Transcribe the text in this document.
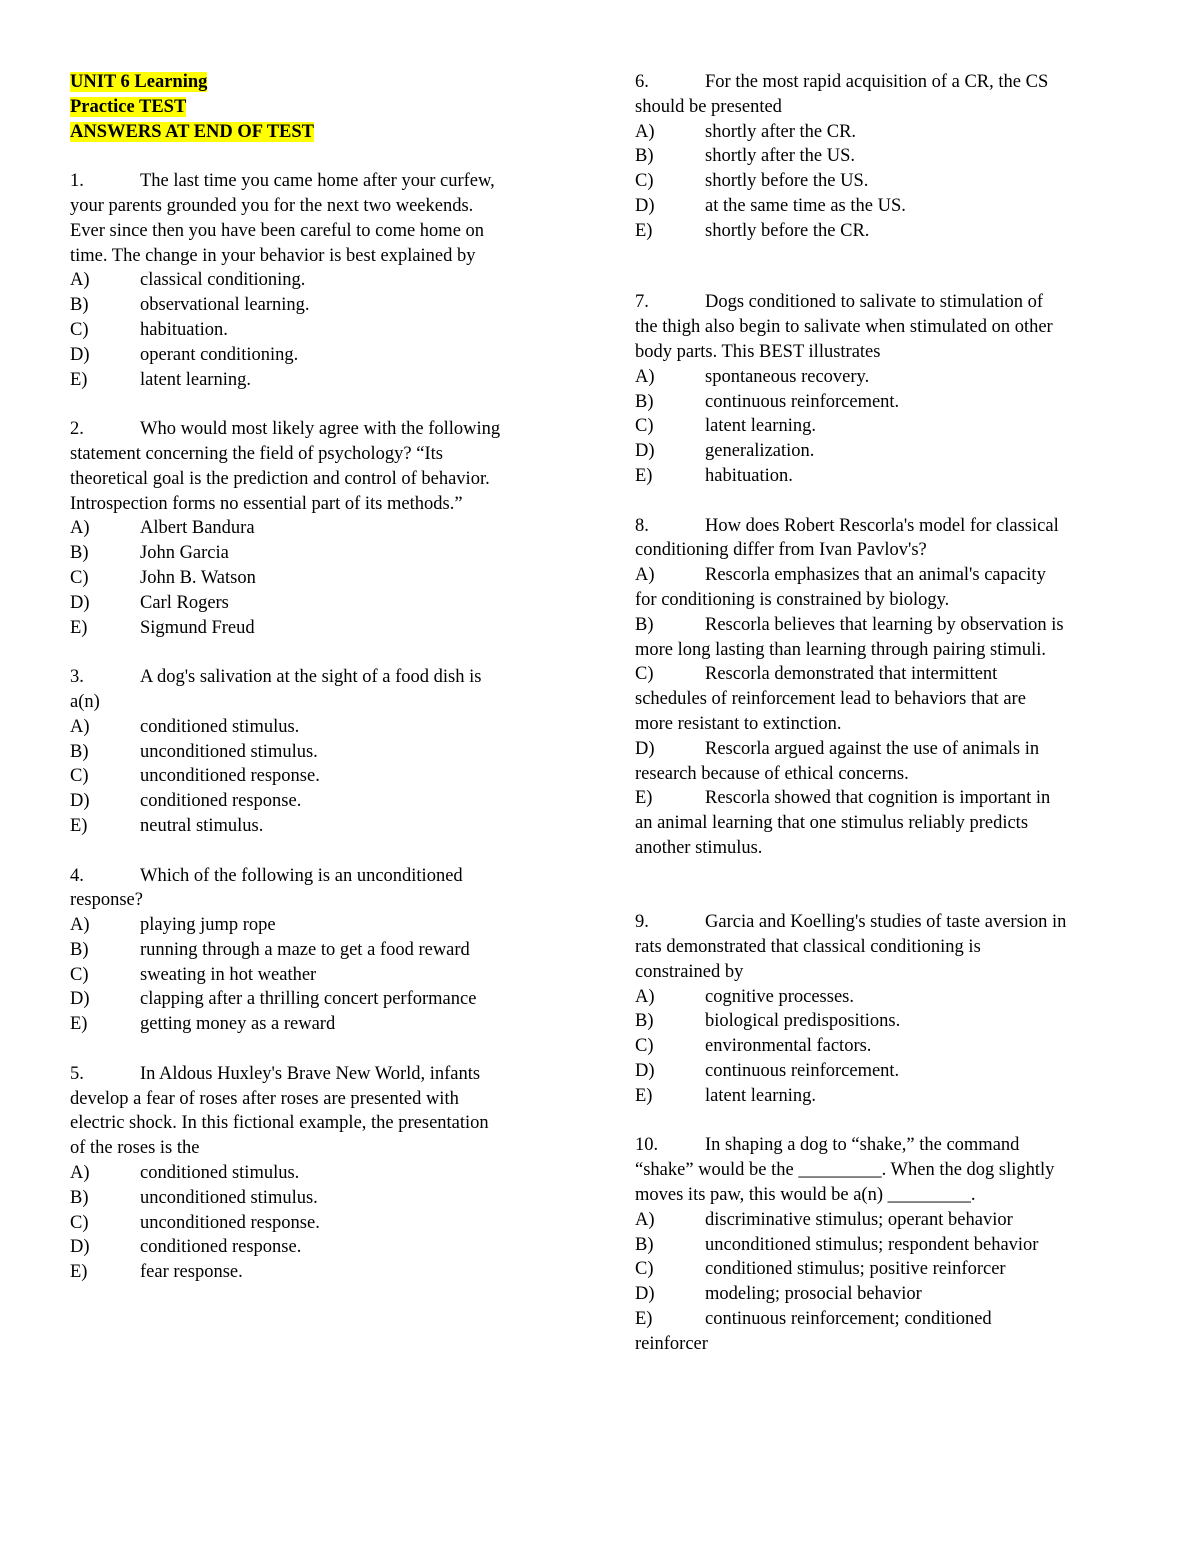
UNIT 6 Learning
Practice TEST
ANSWERS AT END OF TEST
1.	The last time you came home after your curfew,
your parents grounded you for the next two weekends.
Ever since then you have been careful to come home on
time. The change in your behavior is best explained by
A)	classical conditioning.
B)	observational learning.
C)	habituation.
D)	operant conditioning.
E)	latent learning.
2.	Who would most likely agree with the following
statement concerning the field of psychology? “Its
theoretical goal is the prediction and control of behavior.
Introspection forms no essential part of its methods.”
A)	Albert Bandura
B)	John Garcia
C)	John B. Watson
D)	Carl Rogers
E)	Sigmund Freud
3.	A dog's salivation at the sight of a food dish is
a(n)
A)	conditioned stimulus.
B)	unconditioned stimulus.
C)	unconditioned response.
D)	conditioned response.
E)	neutral stimulus.
4.	Which of the following is an unconditioned
response?
A)	playing jump rope
B)	running through a maze to get a food reward
C)	sweating in hot weather
D)	clapping after a thrilling concert performance
E)	getting money as a reward
5.	In Aldous Huxley's Brave New World, infants
develop a fear of roses after roses are presented with
electric shock. In this fictional example, the presentation
of the roses is the
A)	conditioned stimulus.
B)	unconditioned stimulus.
C)	unconditioned response.
D)	conditioned response.
E)	fear response.
6.	For the most rapid acquisition of a CR, the CS
should be presented
A)	shortly after the CR.
B)	shortly after the US.
C)	shortly before the US.
D)	at the same time as the US.
E)	shortly before the CR.
7.	Dogs conditioned to salivate to stimulation of
the thigh also begin to salivate when stimulated on other
body parts. This BEST illustrates
A)	spontaneous recovery.
B)	continuous reinforcement.
C)	latent learning.
D)	generalization.
E)	habituation.
8.	How does Robert Rescorla's model for classical
conditioning differ from Ivan Pavlov's?
A)	Rescorla emphasizes that an animal's capacity
for conditioning is constrained by biology.
B)	Rescorla believes that learning by observation is
more long lasting than learning through pairing stimuli.
C)	Rescorla demonstrated that intermittent
schedules of reinforcement lead to behaviors that are
more resistant to extinction.
D)	Rescorla argued against the use of animals in
research because of ethical concerns.
E)	Rescorla showed that cognition is important in
an animal learning that one stimulus reliably predicts
another stimulus.
9.	Garcia and Koelling's studies of taste aversion in
rats demonstrated that classical conditioning is
constrained by
A)	cognitive processes.
B)	biological predispositions.
C)	environmental factors.
D)	continuous reinforcement.
E)	latent learning.
10.	In shaping a dog to “shake,” the command
“shake” would be the _________. When the dog slightly
moves its paw, this would be a(n) _________.
A)	discriminative stimulus; operant behavior
B)	unconditioned stimulus; respondent behavior
C)	conditioned stimulus; positive reinforcer
D)	modeling; prosocial behavior
E)	continuous reinforcement; conditioned
reinforcer
